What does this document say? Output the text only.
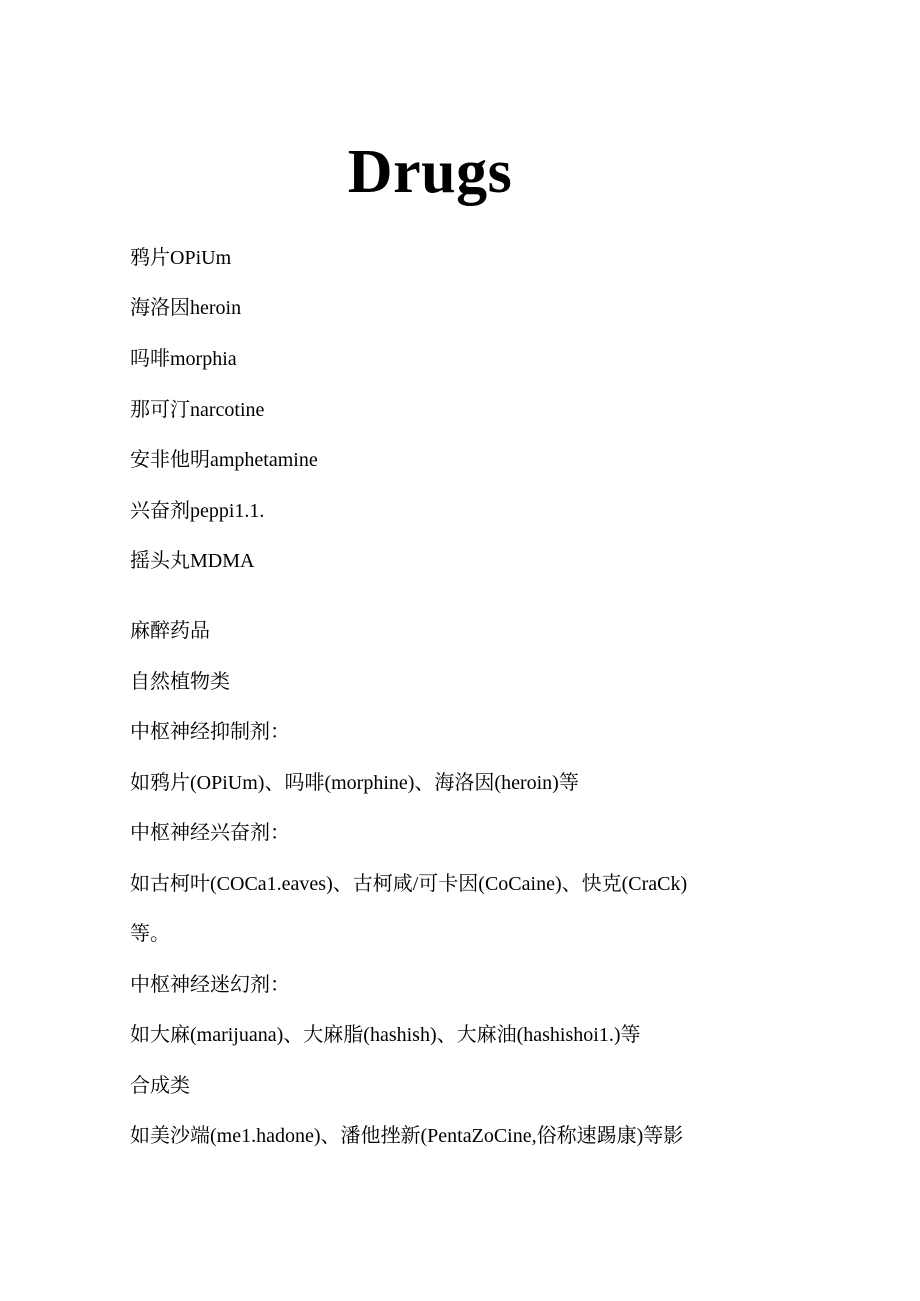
Drugs

鸦片OPiUm

海洛因heroin

吗啡morphia

那可汀narcotine

安非他明amphetamine

兴奋剂peppi1.1.

摇头丸MDMA

麻醉药品

自然植物类

中枢神经抑制剂：

如鸦片(OPiUm)、吗啡(morphine)、海洛因(heroin)等

中枢神经兴奋剂：

如古柯叶(COCa1.eaves)、古柯咸/可卡因(CoCaine)、快克(CraCk)

等。

中枢神经迷幻剂：

如大麻(marijuana)、大麻脂(hashish)、大麻油(hashishoi1.)等

合成类

如美沙端(me1.hadone)、潘他挫新(PentaZoCine,俗称速踢康)等影
